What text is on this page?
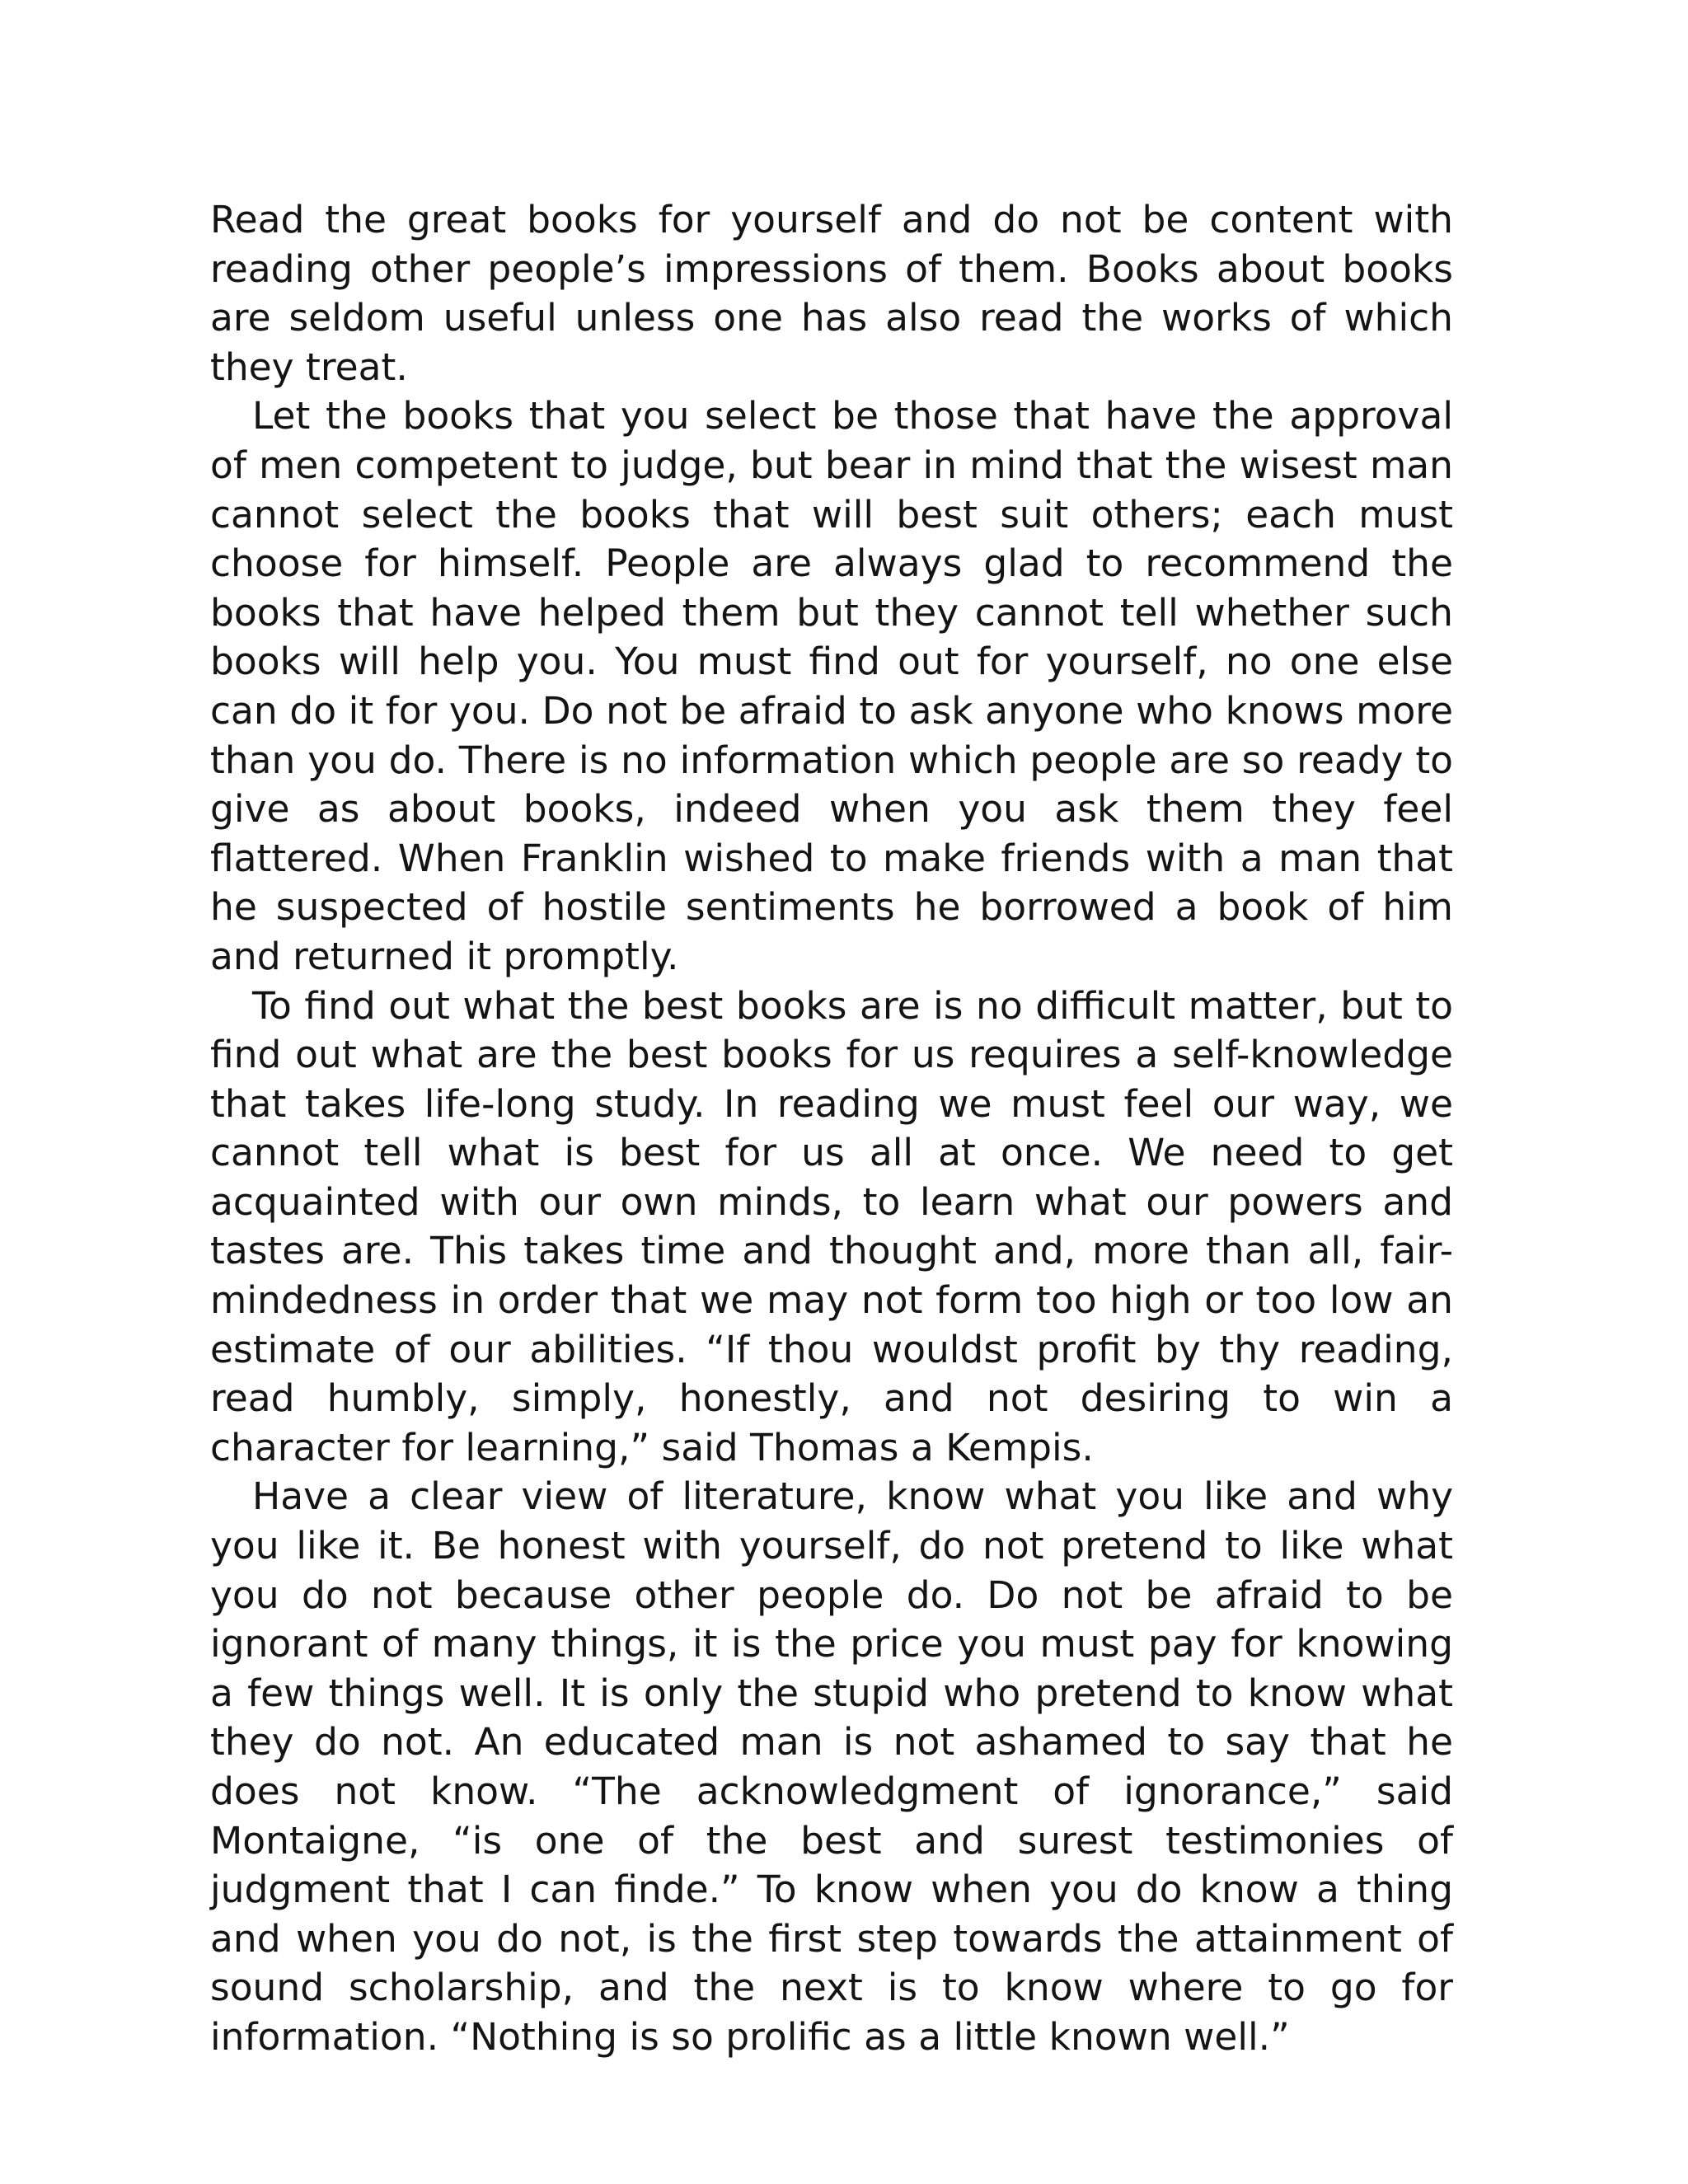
Read the great books for yourself and do not be content with reading other people’s impressions of them. Books about books are seldom useful unless one has also read the works of which they treat.

Let the books that you select be those that have the approval of men competent to judge, but bear in mind that the wisest man cannot select the books that will best suit others; each must choose for himself. People are always glad to recommend the books that have helped them but they cannot tell whether such books will help you. You must find out for yourself, no one else can do it for you. Do not be afraid to ask anyone who knows more than you do. There is no information which people are so ready to give as about books, indeed when you ask them they feel flattered. When Franklin wished to make friends with a man that he suspected of hostile sentiments he borrowed a book of him and returned it promptly.

To find out what the best books are is no difficult matter, but to find out what are the best books for us requires a self-knowledge that takes life-long study. In reading we must feel our way, we cannot tell what is best for us all at once. We need to get acquainted with our own minds, to learn what our powers and tastes are. This takes time and thought and, more than all, fair-mindedness in order that we may not form too high or too low an estimate of our abilities. “If thou wouldst profit by thy reading, read humbly, simply, honestly, and not desiring to win a character for learning,” said Thomas a Kempis.

Have a clear view of literature, know what you like and why you like it. Be honest with yourself, do not pretend to like what you do not because other people do. Do not be afraid to be ignorant of many things, it is the price you must pay for knowing a few things well. It is only the stupid who pretend to know what they do not. An educated man is not ashamed to say that he does not know. “The acknowledgment of ignorance,” said Montaigne, “is one of the best and surest testimonies of judgment that I can finde.” To know when you do know a thing and when you do not, is the first step towards the attainment of sound scholarship, and the next is to know where to go for information. “Nothing is so prolific as a little known well.”
